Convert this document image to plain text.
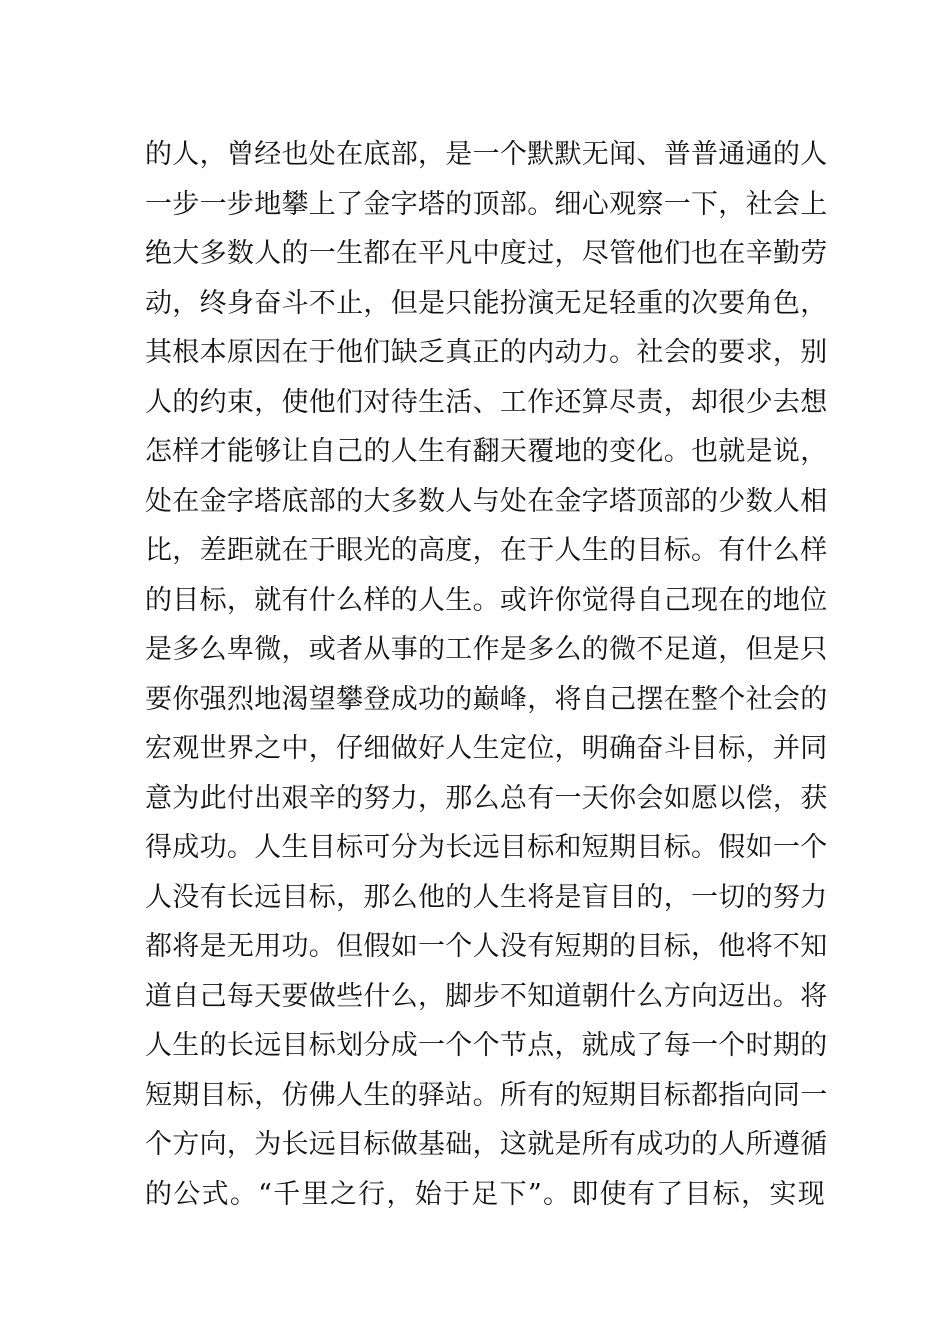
的人，曾经也处在底部，是一个默默无闻、普普通通的人
一步一步地攀上了金字塔的顶部。细心观察一下，社会上
绝大多数人的一生都在平凡中度过，尽管他们也在辛勤劳
动，终身奋斗不止，但是只能扮演无足轻重的次要角色，
其根本原因在于他们缺乏真正的内动力。社会的要求，别
人的约束，使他们对待生活、工作还算尽责，却很少去想
怎样才能够让自己的人生有翻天覆地的变化。也就是说，
处在金字塔底部的大多数人与处在金字塔顶部的少数人相
比，差距就在于眼光的高度，在于人生的目标。有什么样
的目标，就有什么样的人生。或许你觉得自己现在的地位
是多么卑微，或者从事的工作是多么的微不足道，但是只
要你强烈地渴望攀登成功的巅峰，将自己摆在整个社会的
宏观世界之中，仔细做好人生定位，明确奋斗目标，并同
意为此付出艰辛的努力，那么总有一天你会如愿以偿，获
得成功。人生目标可分为长远目标和短期目标。假如一个
人没有长远目标，那么他的人生将是盲目的，一切的努力
都将是无用功。但假如一个人没有短期的目标，他将不知
道自己每天要做些什么，脚步不知道朝什么方向迈出。将
人生的长远目标划分成一个个节点，就成了每一个时期的
短期目标，仿佛人生的驿站。所有的短期目标都指向同一
个方向，为长远目标做基础，这就是所有成功的人所遵循
的公式。“千里之行，始于足下”。即使有了目标，实现
